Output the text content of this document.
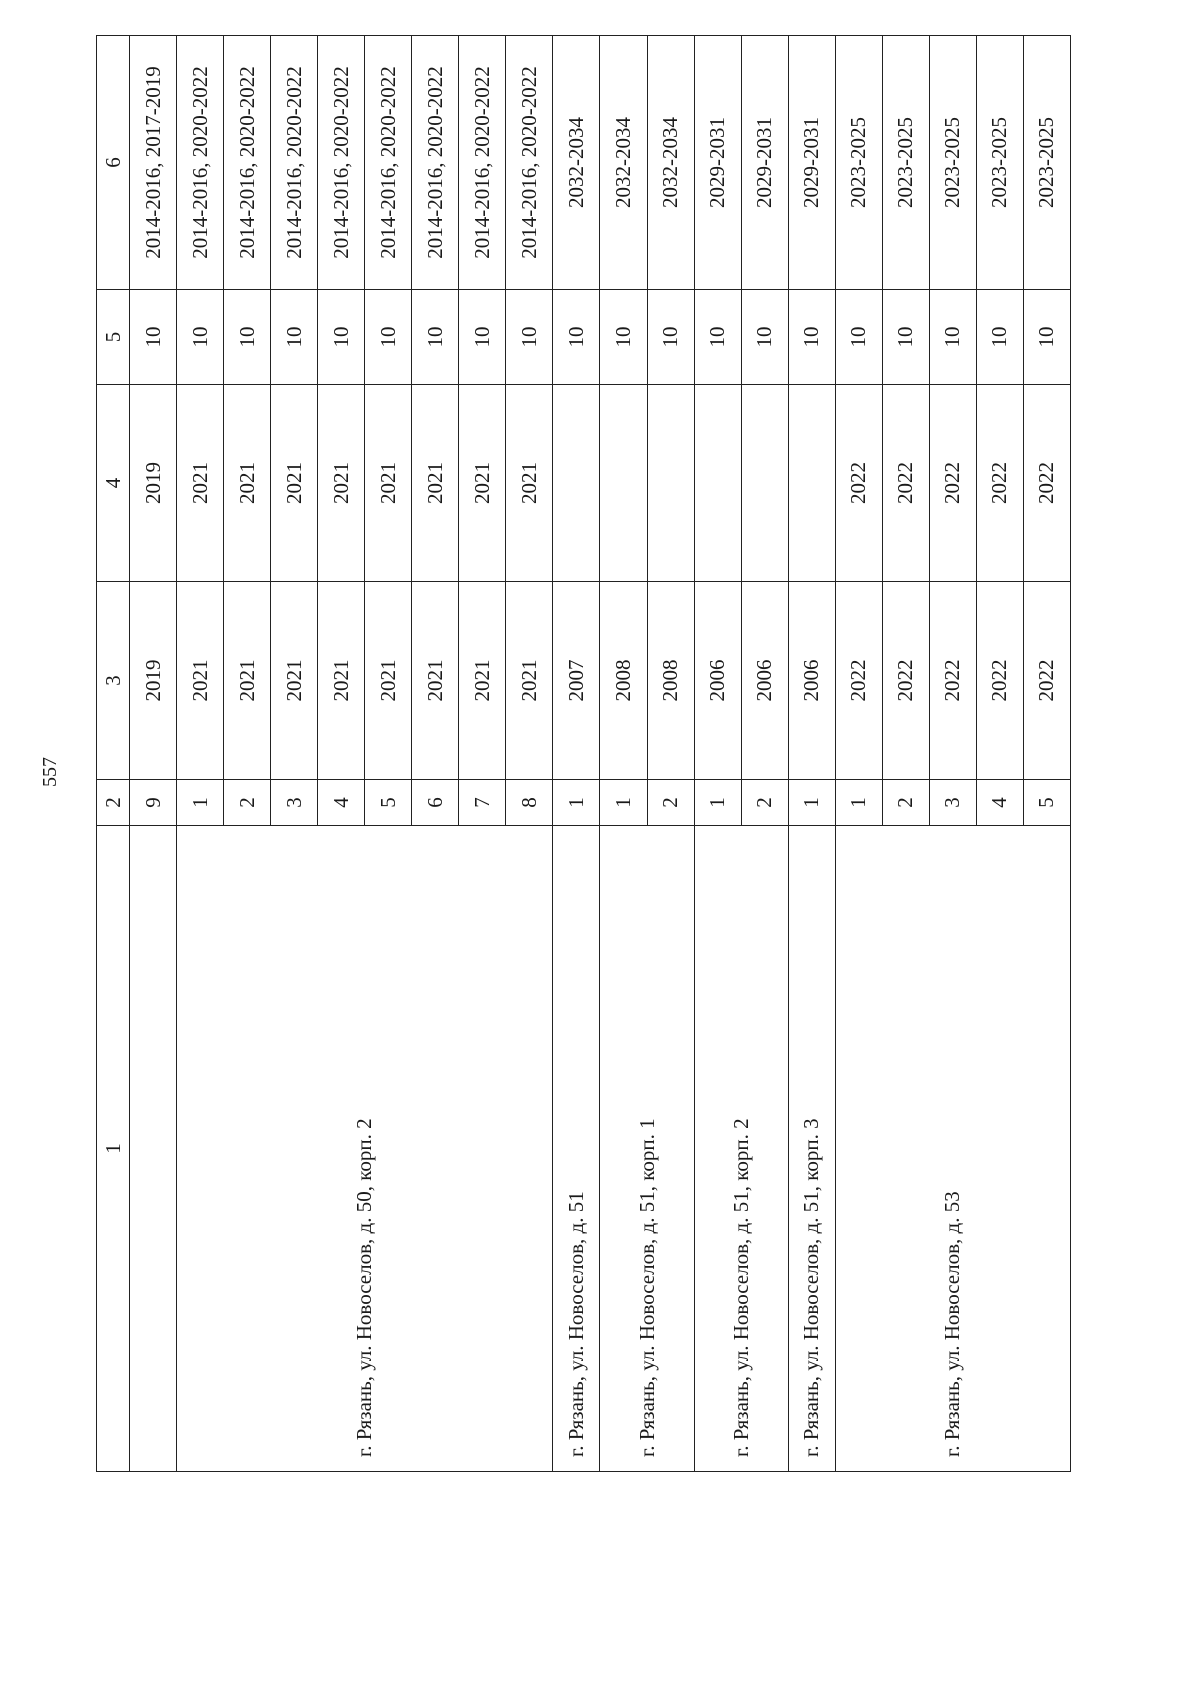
557
1	2	3	4	5	6
	9	2019	2019	10	2014-2016, 2017-2019
г. Рязань, ул. Новоселов, д. 50, корп. 2	1	2021	2021	10	2014-2016, 2020-2022
	2	2021	2021	10	2014-2016, 2020-2022
	3	2021	2021	10	2014-2016, 2020-2022
	4	2021	2021	10	2014-2016, 2020-2022
	5	2021	2021	10	2014-2016, 2020-2022
	6	2021	2021	10	2014-2016, 2020-2022
	7	2021	2021	10	2014-2016, 2020-2022
	8	2021	2021	10	2014-2016, 2020-2022
г. Рязань, ул. Новоселов, д. 51	1	2007		10	2032-2034
г. Рязань, ул. Новоселов, д. 51, корп. 1	1	2008		10	2032-2034
	2	2008		10	2032-2034
г. Рязань, ул. Новоселов, д. 51, корп. 2	1	2006		10	2029-2031
	2	2006		10	2029-2031
г. Рязань, ул. Новоселов, д. 51, корп. 3	1	2006		10	2029-2031
г. Рязань, ул. Новоселов, д. 53	1	2022	2022	10	2023-2025
	2	2022	2022	10	2023-2025
	3	2022	2022	10	2023-2025
	4	2022	2022	10	2023-2025
	5	2022	2022	10	2023-2025
